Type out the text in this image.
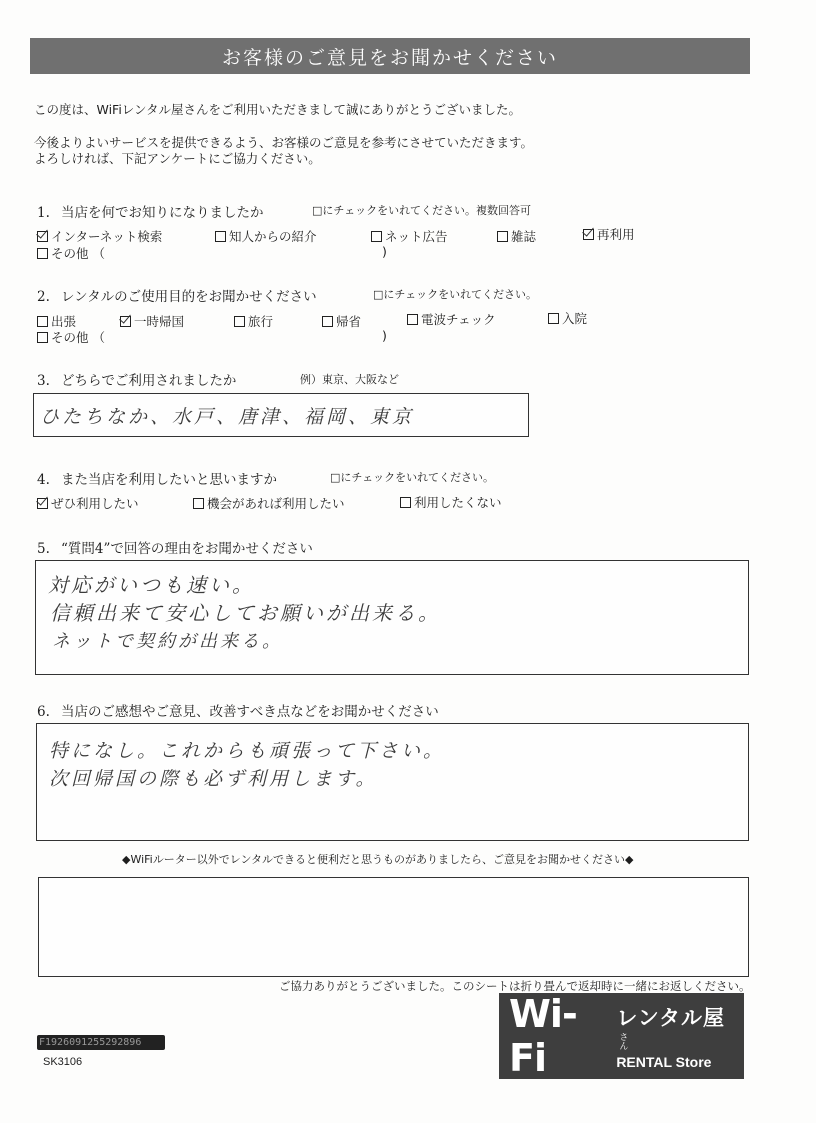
お客様のご意見をお聞かせください
この度は、WiFiレンタル屋さんをご利用いただきまして誠にありがとうございました。
今後よりよいサービスを提供できるよう、お客様のご意見を参考にさせていただきます。
よろしければ、下記アンケートにご協力ください。
1. 当店を何でお知りになりましたか	□にチェックをいれてください。複数回答可
インターネット検索	知人からの紹介	ネット広告	雑誌	再利用
その他 （	)
2. レンタルのご使用目的をお聞かせください	□にチェックをいれてください。
出張	一時帰国	旅行	帰省	電波チェック	入院
その他 （	)
3. どちらでご利用されましたか	例）東京、大阪など
ひたちなか、水戸、唐津、福岡、東京
4. また当店を利用したいと思いますか	□にチェックをいれてください。
ぜひ利用したい	機会があれば利用したい	利用したくない
5. “質問4”で回答の理由をお聞かせください
対応がいつも速い。
信頼出来て安心してお願いが出来る。
ネットで契約が出来る。
6. 当店のご感想やご意見、改善すべき点などをお聞かせください
特になし。これからも頑張って下さい。
次回帰国の際も必ず利用します。
◆WiFiルーター以外でレンタルできると便利だと思うものがありましたら、ご意見をお聞かせください◆
ご協力ありがとうございました。このシートは折り畳んで返却時に一緒にお返しください。
F1926091255292896
SK3106
Wi-Fi
レンタル屋さん
RENTAL Store
